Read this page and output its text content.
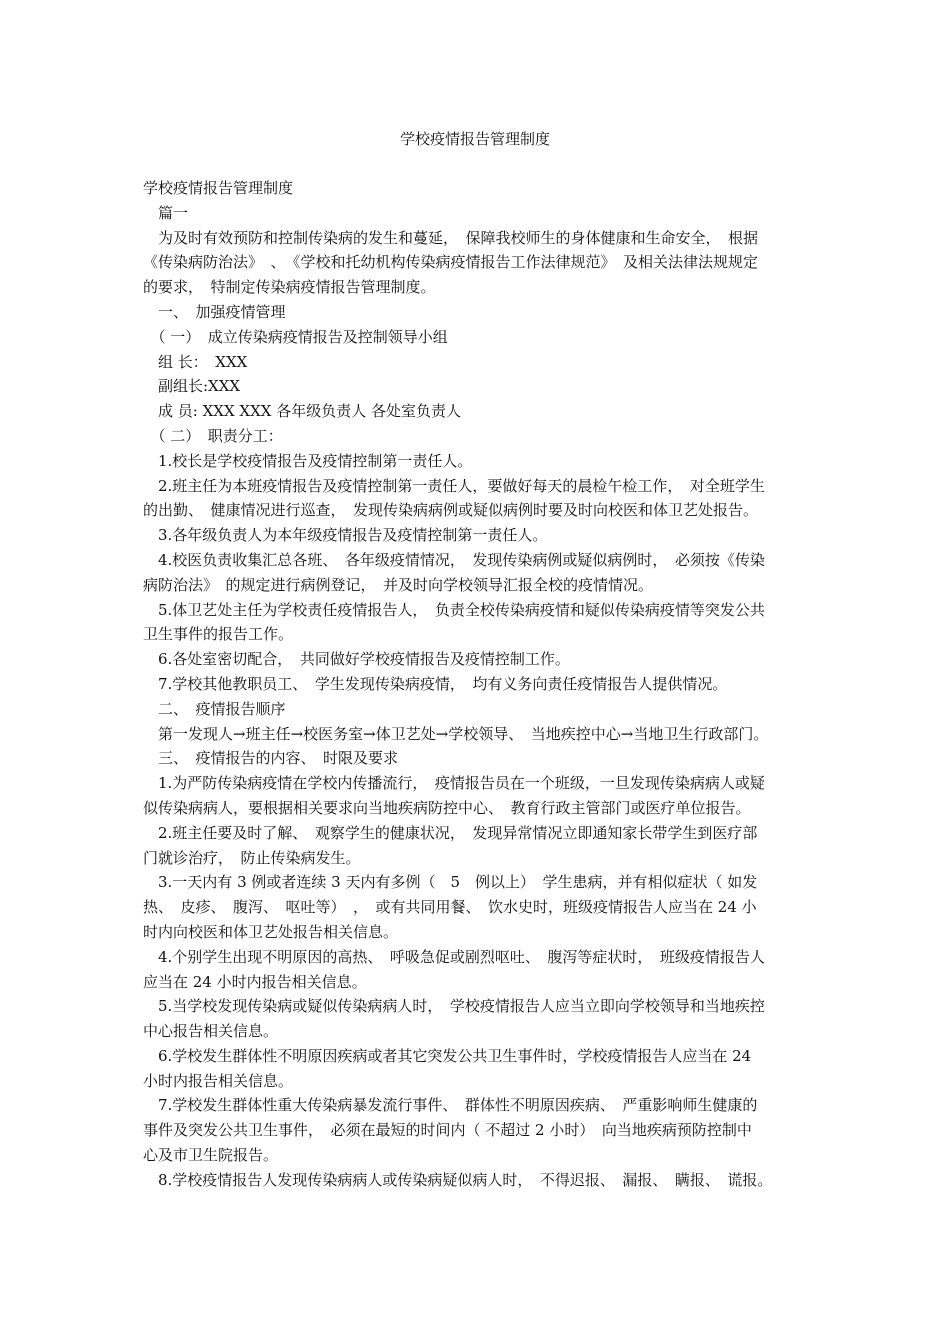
学校疫情报告管理制度
学校疫情报告管理制度
　篇一
　为及时有效预防和控制传染病的发生和蔓延，　保障我校师生的身体健康和生命安全，　根据
《传染病防治法》　、　《学校和托幼机构传染病疫情报告工作法律规范》　及相关法律法规规定
的要求，　特制定传染病疫情报告管理制度。
　一、　加强疫情管理
　（ 一）　成立传染病疫情报告及控制领导小组
　组 长：　XXX
　副组长:XXX
　成 员: XXX XXX 各年级负责人 各处室负责人
　（ 二）　职责分工：
　1.校长是学校疫情报告及疫情控制第一责任人。
　2.班主任为本班疫情报告及疫情控制第一责任人，要做好每天的晨检午检工作，　对全班学生
的出勤、　健康情况进行巡查，　发现传染病病例或疑似病例时要及时向校医和体卫艺处报告。
　3.各年级负责人为本年级疫情报告及疫情控制第一责任人。
　4.校医负责收集汇总各班、　各年级疫情情况，　发现传染病例或疑似病例时，　必须按《传染
病防治法》　的规定进行病例登记，　并及时向学校领导汇报全校的疫情情况。
　5.体卫艺处主任为学校责任疫情报告人，　负责全校传染病疫情和疑似传染病疫情等突发公共
卫生事件的报告工作。
　6.各处室密切配合，　共同做好学校疫情报告及疫情控制工作。
　7.学校其他教职员工、　学生发现传染病疫情，　均有义务向责任疫情报告人提供情况。
　二、　疫情报告顺序
　第一发现人→班主任→校医务室→体卫艺处→学校领导、　当地疾控中心→当地卫生行政部门。
　三、　疫情报告的内容、　时限及要求
　1.为严防传染病疫情在学校内传播流行，　疫情报告员在一个班级，一旦发现传染病病人或疑
似传染病病人，要根据相关要求向当地疾病防控中心、　教育行政主管部门或医疗单位报告。
　2.班主任要及时了解、　观察学生的健康状况，　发现异常情况立即通知家长带学生到医疗部
门就诊治疗，　防止传染病发生。
　3.一天内有 3 例或者连续 3 天内有多例（　5　例以上）　学生患病，并有相似症状（ 如发
热、　皮疹、　腹泻、　呕吐等）　，　或有共同用餐、　饮水史时，班级疫情报告人应当在 24 小
时内向校医和体卫艺处报告相关信息。
　4.个别学生出现不明原因的高热、　呼吸急促或剧烈呕吐、　腹泻等症状时，　班级疫情报告人
应当在 24 小时内报告相关信息。
　5.当学校发现传染病或疑似传染病病人时，　学校疫情报告人应当立即向学校领导和当地疾控
中心报告相关信息。
　6.学校发生群体性不明原因疾病或者其它突发公共卫生事件时，学校疫情报告人应当在 24
小时内报告相关信息。
　7.学校发生群体性重大传染病暴发流行事件、　群体性不明原因疾病、　严重影响师生健康的
事件及突发公共卫生事件，　必须在最短的时间内（ 不超过 2 小时）　向当地疾病预防控制中
心及市卫生院报告。
　8.学校疫情报告人发现传染病病人或传染病疑似病人时，　不得迟报、　漏报、　瞒报、　谎报。
